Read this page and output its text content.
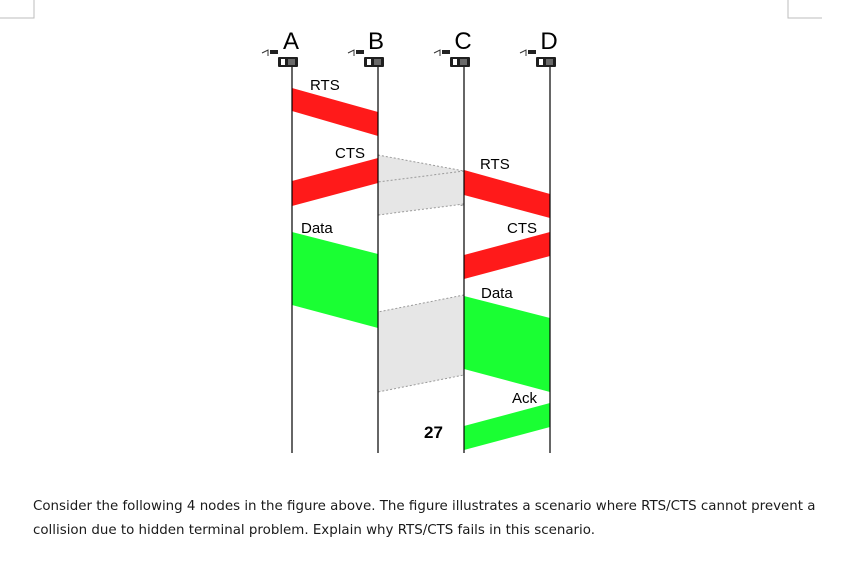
A	B	C	D
RTS
CTS
Data
RTS
CTS
Data
Ack
27

Consider the following 4 nodes in the figure above. The figure illustrates a scenario where RTS/CTS cannot prevent a collision due to hidden terminal problem. Explain why RTS/CTS fails in this scenario.
